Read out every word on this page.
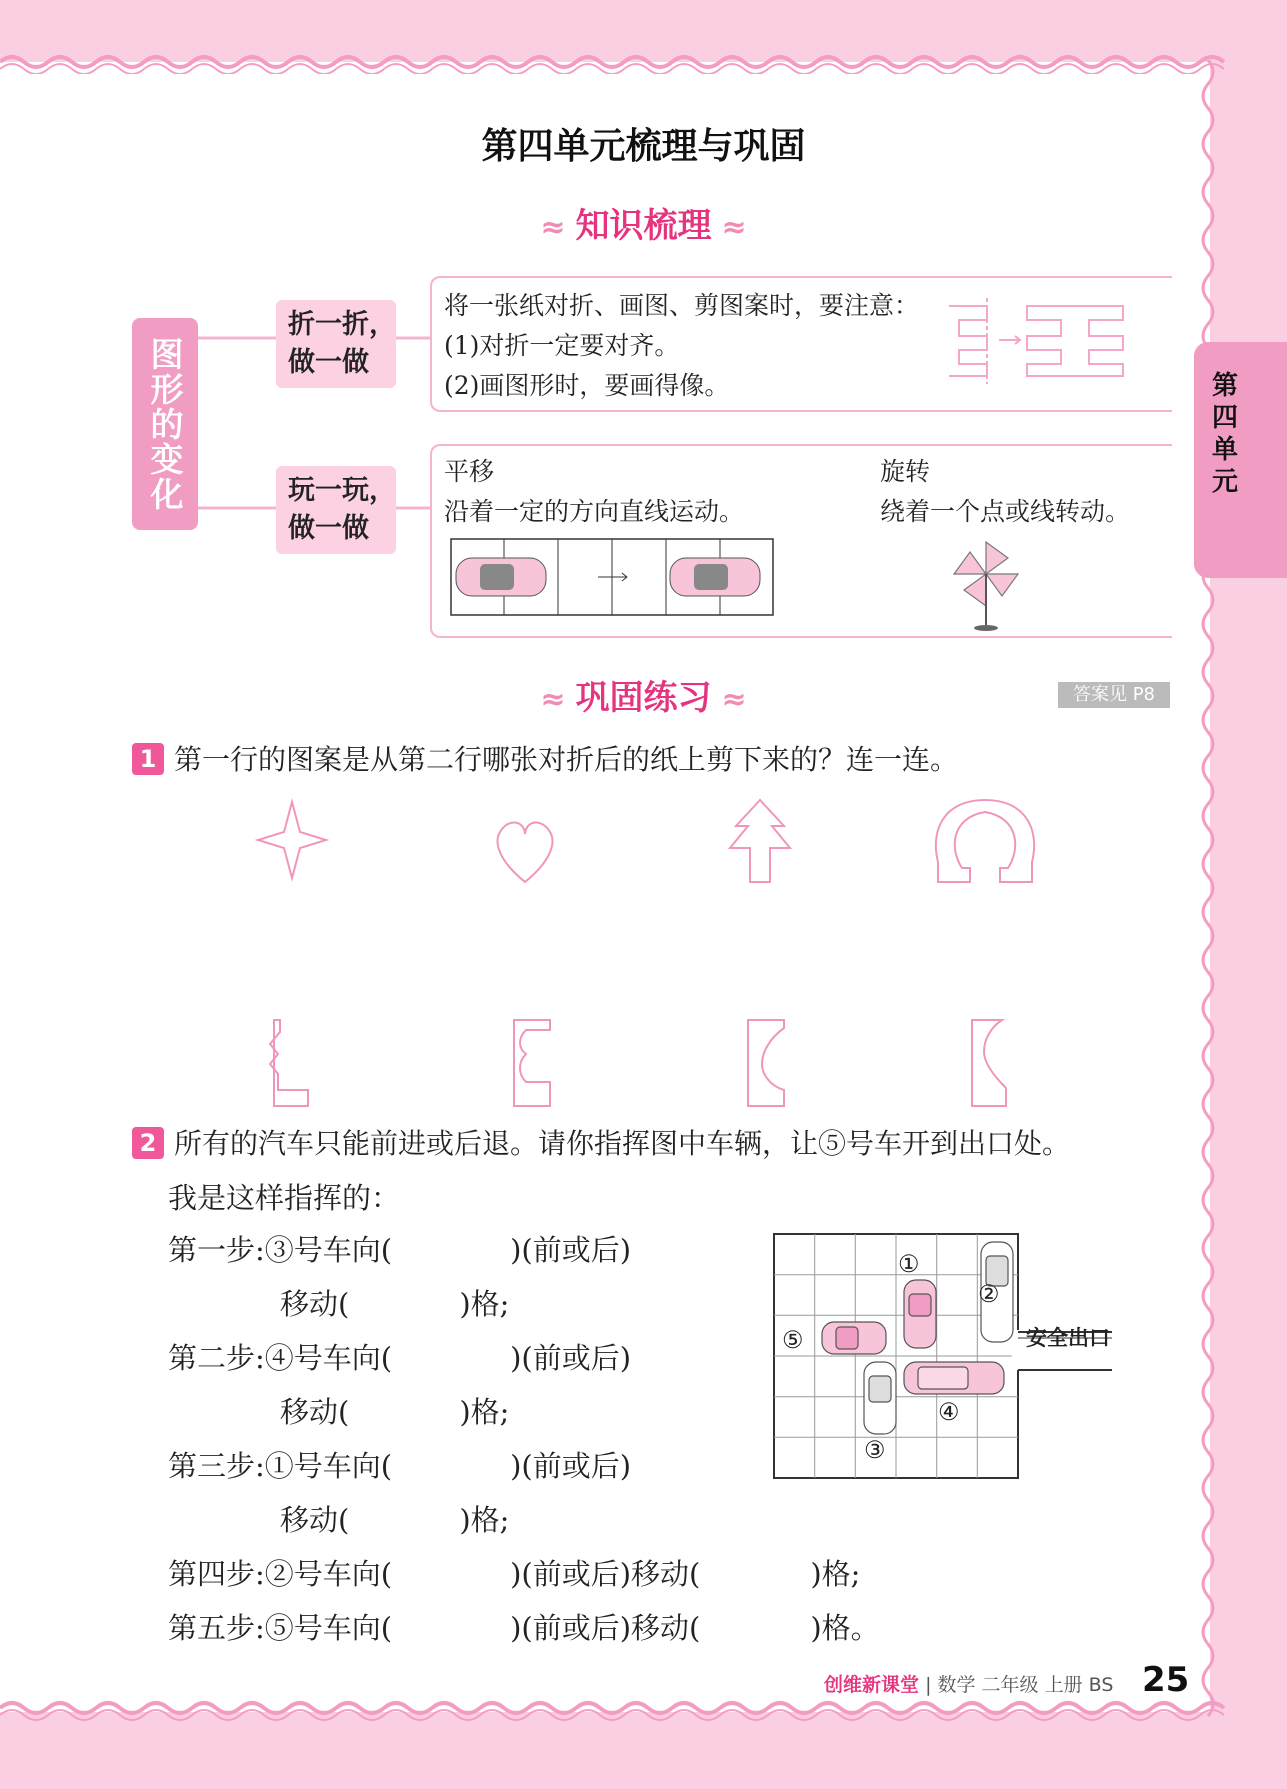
第四单元
第四单元梳理与巩固
≈ 知识梳理 ≈
图形的变化
折一折，
做一做
将一张纸对折、画图、剪图案时，要注意：
(1)对折一定要对齐。
(2)画图形时，要画得像。
玩一玩，
做一做
平移
沿着一定的方向直线运动。
旋转
绕着一个点或线转动。
≈ 巩固练习 ≈	答案见 P8
1 第一行的图案是从第二行哪张对折后的纸上剪下来的？连一连。
2 所有的汽车只能前进或后退。请你指挥图中车辆，让⑤号车开到出口处。
我是这样指挥的：
第一步:③号车向(	)(前或后)
移动(	)格;
第二步:④号车向(	)(前或后)
移动(	)格;
第三步:①号车向(	)(前或后)
移动(	)格;
第四步:②号车向(	)(前或后)移动(	)格;
第五步:⑤号车向(	)(前或后)移动(	)格。
①
②
③
④
⑤	安全出口
创维新课堂 | 数学 二年级 上册 BS 25
